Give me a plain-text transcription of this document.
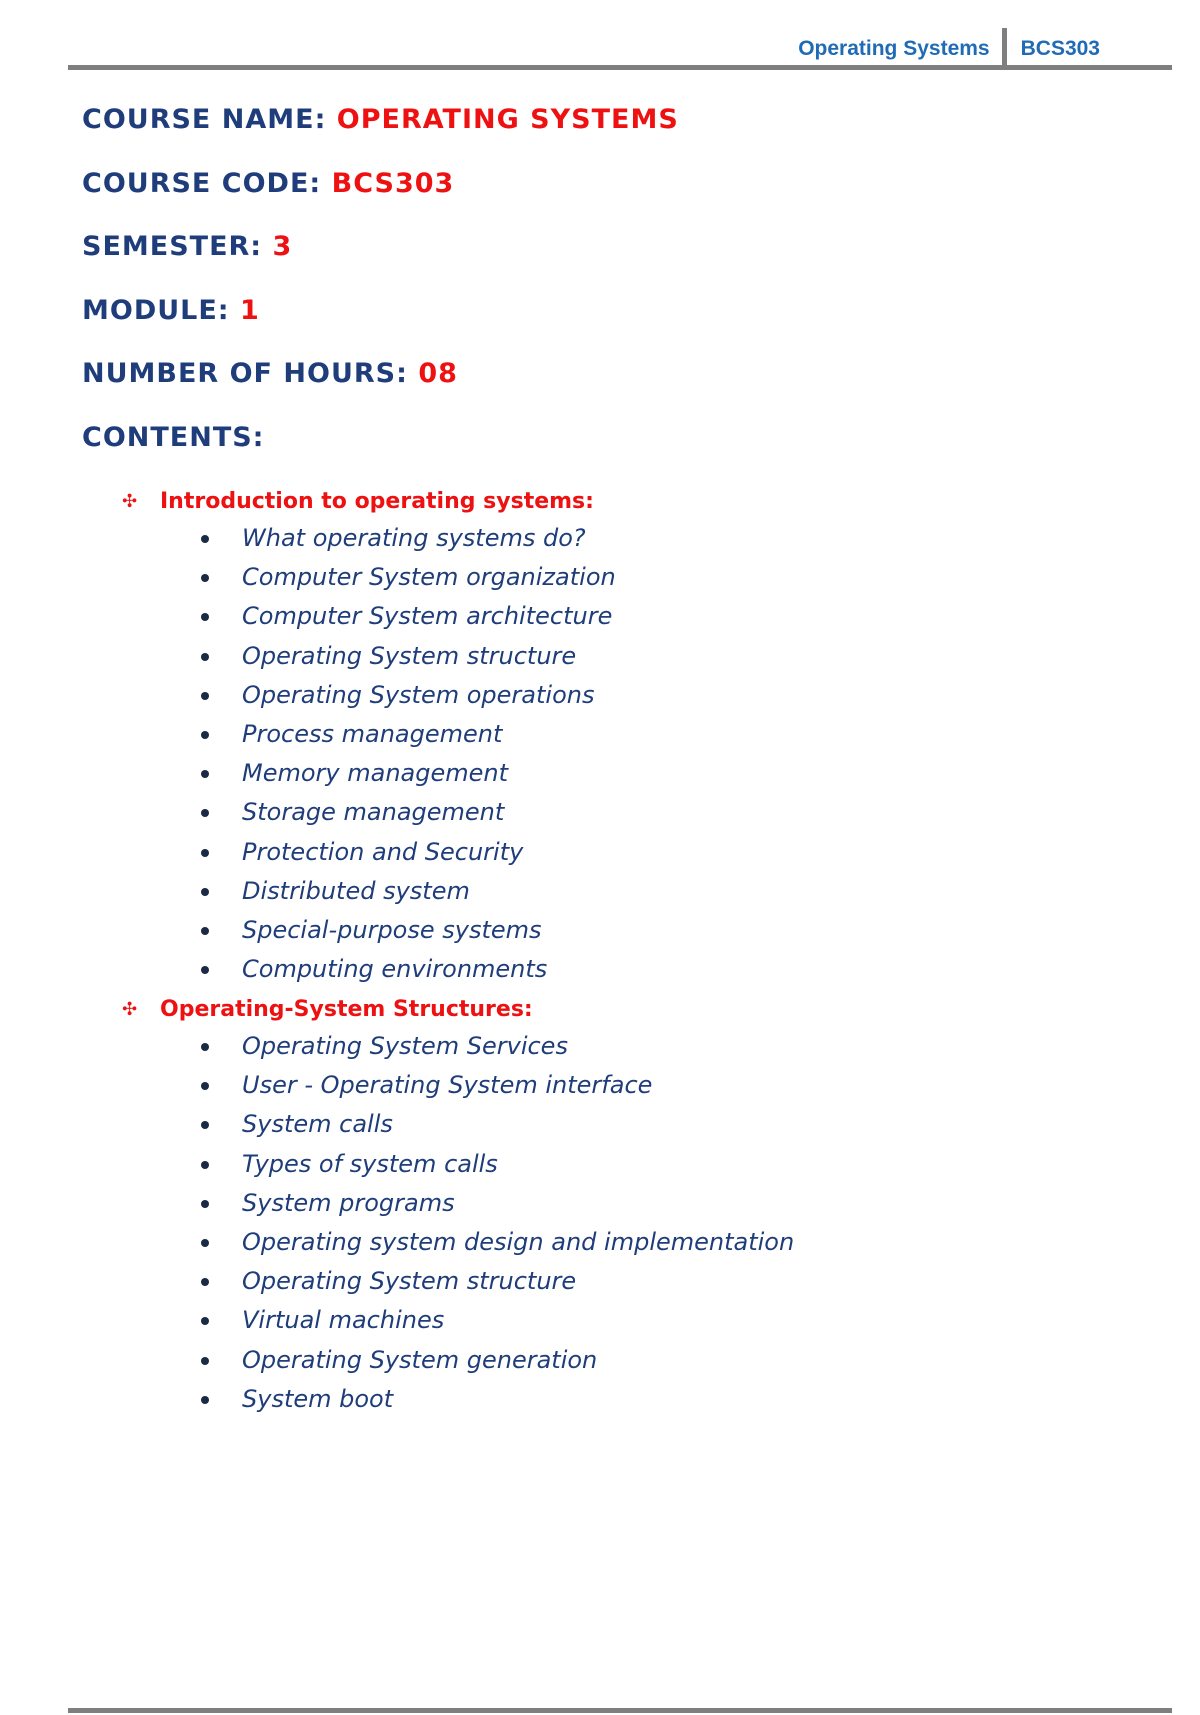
Operating Systems BCS303
COURSE NAME: OPERATING SYSTEMS
COURSE CODE: BCS303
SEMESTER: 3
MODULE: 1
NUMBER OF HOURS: 08
CONTENTS:
✣	Introduction to operating systems:
What operating systems do?
Computer System organization
Computer System architecture
Operating System structure
Operating System operations
Process management
Memory management
Storage management
Protection and Security
Distributed system
Special-purpose systems
Computing environments
✣	Operating-System Structures:
Operating System Services
User - Operating System interface
System calls
Types of system calls
System programs
Operating system design and implementation
Operating System structure
Virtual machines
Operating System generation
System boot
